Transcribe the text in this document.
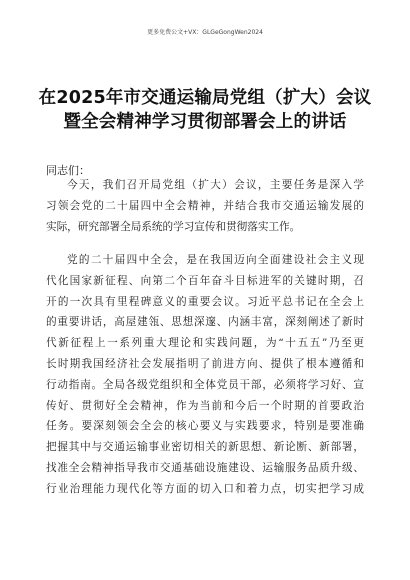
更多免费公文+VX：GLGeGongWen2024
在2025年市交通运输局党组（扩大）会议
暨全会精神学习贯彻部署会上的讲话
同志们：
今天，我们召开局党组（扩大）会议，主要任务是深入学
习领会党的二十届四中全会精神，并结合我市交通运输发展的
实际，研究部署全局系统的学习宣传和贯彻落实工作。
党的二十届四中全会，是在我国迈向全面建设社会主义现
代化国家新征程、向第二个百年奋斗目标进军的关键时期，召
开的一次具有里程碑意义的重要会议。习近平总书记在全会上
的重要讲话，高屋建瓴、思想深邃、内涵丰富，深刻阐述了新时
代新征程上一系列重大理论和实践问题，为“十五五”乃至更
长时期我国经济社会发展指明了前进方向、提供了根本遵循和
行动指南。全局各级党组织和全体党员干部，必须将学习好、宣
传好、贯彻好全会精神，作为当前和今后一个时期的首要政治
任务。要深刻领会全会的核心要义与实践要求，特别是要准确
把握其中与交通运输事业密切相关的新思想、新论断、新部署，
找准全会精神指导我市交通基础设施建设、运输服务品质升级、
行业治理能力现代化等方面的切入口和着力点，切实把学习成
